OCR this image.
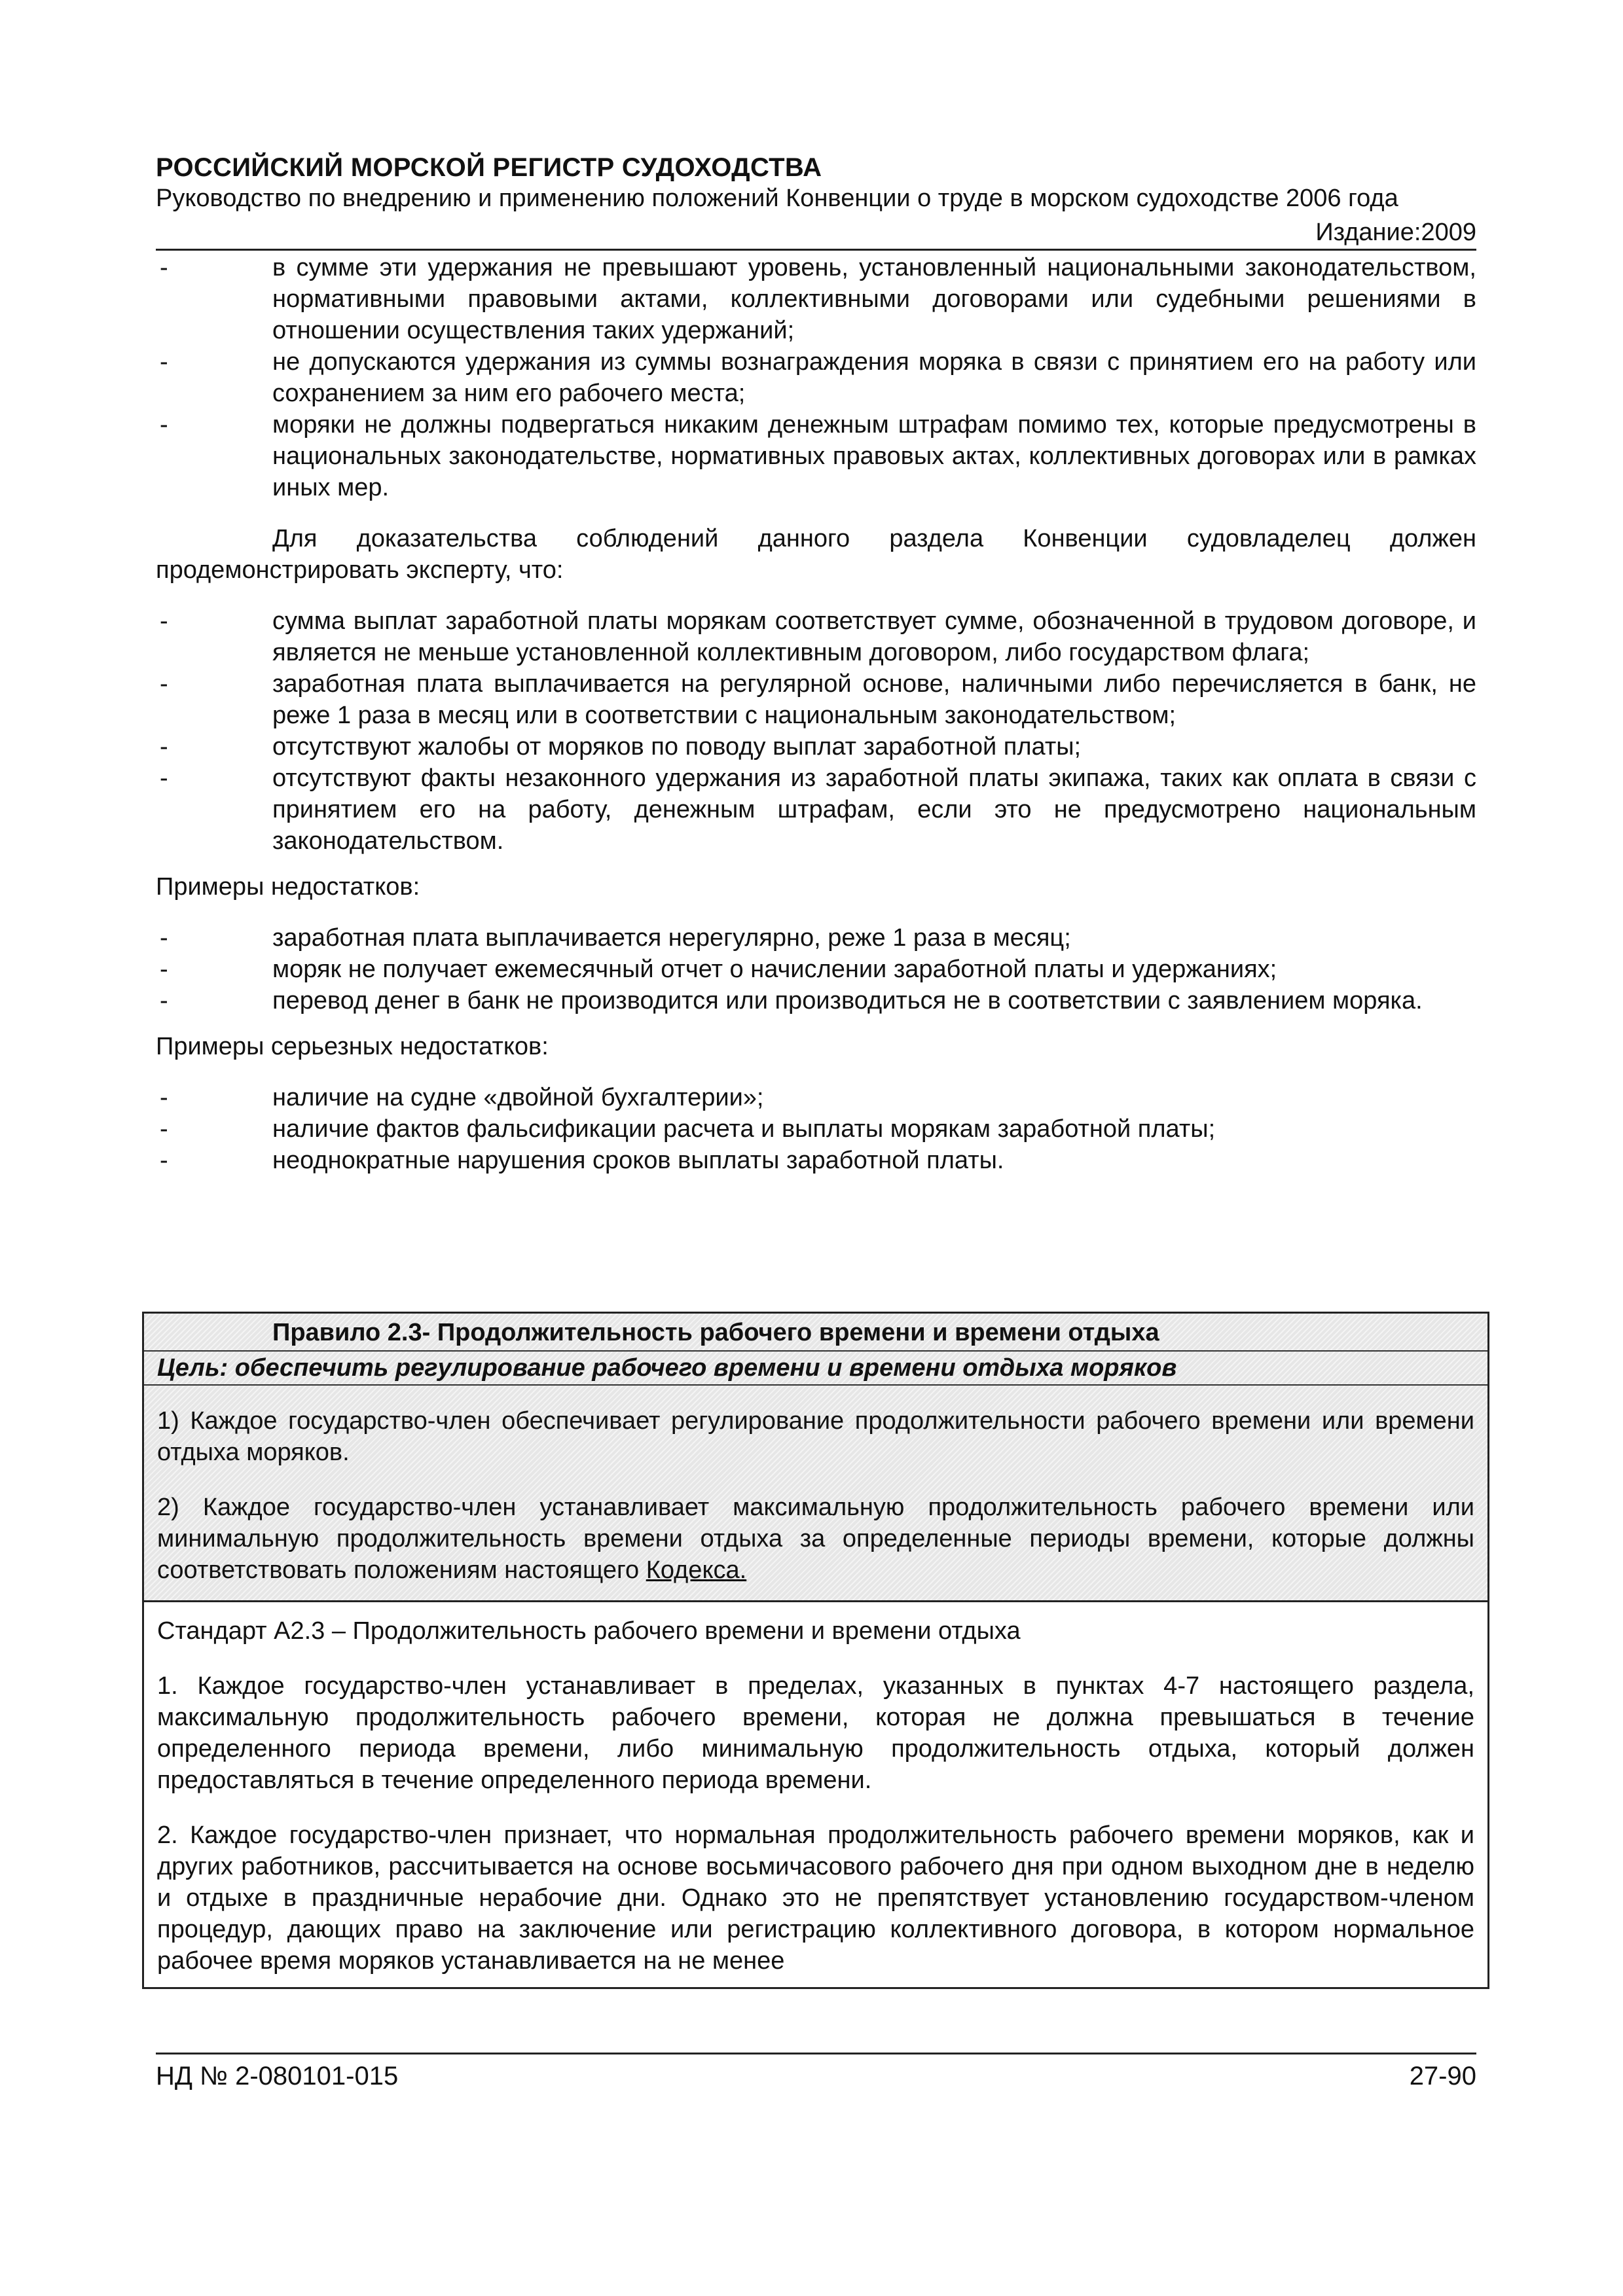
РОССИЙСКИЙ МОРСКОЙ РЕГИСТР СУДОХОДСТВА
Руководство по внедрению и применению положений Конвенции о труде в морском судоходстве 2006 года
Издание:2009
-	в сумме эти удержания не превышают уровень, установленный национальными законодательством, нормативными правовыми актами, коллективными договорами или судебными решениями в отношении осуществления таких удержаний;
-	не допускаются удержания из суммы вознаграждения моряка в связи с принятием его на работу или сохранением за ним его рабочего места;
-	моряки не должны подвергаться никаким денежным штрафам помимо тех, которые предусмотрены в национальных законодательстве, нормативных правовых актах, коллективных договорах или в рамках иных мер.
Для доказательства соблюдений данного раздела Конвенции судовладелец должен продемонстрировать эксперту, что:
-	сумма выплат заработной платы морякам соответствует сумме, обозначенной в трудовом договоре, и является не меньше установленной коллективным договором, либо государством флага;
-	заработная плата выплачивается на регулярной основе, наличными либо перечисляется в банк, не реже 1 раза в месяц или в соответствии с национальным законодательством;
-	отсутствуют жалобы от моряков по поводу выплат заработной платы;
-	отсутствуют факты незаконного удержания из заработной платы экипажа, таких как оплата в связи с принятием его на работу, денежным штрафам, если это не предусмотрено национальным законодательством.
Примеры недостатков:
-	заработная плата выплачивается нерегулярно, реже 1 раза в месяц;
-	моряк не получает ежемесячный отчет о начислении заработной платы и удержаниях;
-	перевод денег в банк не производится или производиться не в соответствии с заявлением моряка.
Примеры серьезных недостатков:
-	наличие на судне «двойной бухгалтерии»;
-	наличие фактов фальсификации расчета и выплаты морякам заработной платы;
-	неоднократные нарушения сроков выплаты заработной платы.
Правило 2.3- Продолжительность рабочего времени и времени отдыха
Цель: обеспечить регулирование рабочего времени и времени отдыха моряков
1) Каждое государство-член обеспечивает регулирование продолжительности рабочего времени или времени отдыха моряков.
2) Каждое государство-член устанавливает максимальную продолжительность рабочего времени или минимальную продолжительность времени отдыха за определенные периоды времени, которые должны соответствовать положениям настоящего Кодекса.
Стандарт А2.3 – Продолжительность рабочего времени и времени отдыха
1. Каждое государство-член устанавливает в пределах, указанных в пунктах 4-7 настоящего раздела, максимальную продолжительность рабочего времени, которая не должна превышаться в течение определенного периода времени, либо минимальную продолжительность отдыха, который должен предоставляться в течение определенного периода времени.
2. Каждое государство-член признает, что нормальная продолжительность рабочего времени моряков, как и других работников, рассчитывается на основе восьмичасового рабочего дня при одном выходном дне в неделю и отдыхе в праздничные нерабочие дни. Однако это не препятствует установлению государством-членом процедур, дающих право на заключение или регистрацию коллективного договора, в котором нормальное рабочее время моряков устанавливается на не менее
НД № 2-080101-015	27-90
